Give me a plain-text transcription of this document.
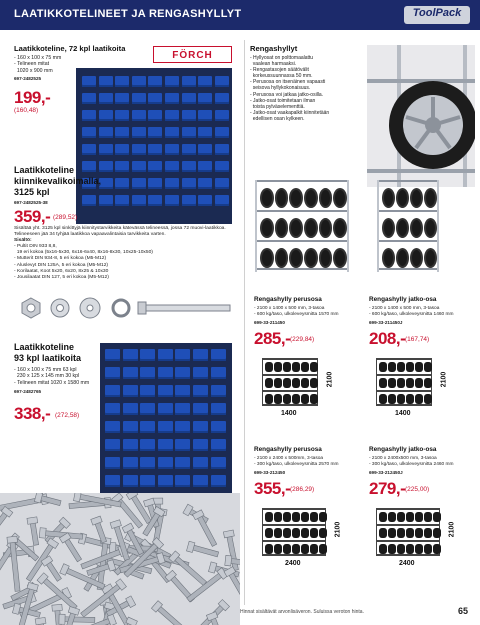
LAATIKKOTELINEET JA RENGASHYLLYT	ToolPack
Laatikkoteline, 72 kpl laatikoita
- 160 x 100 x 75 mm
- Telineen mitat
1020 x 900 mm
697-2482525
199,-
(160,48)
FÖRCH
Laatikkoteline
kiinnikevalikoimalla,
3125 kpl
697-2482525-38
359,- (289,52)
Sisältää yht. 3125 kpl sinkittyjä kiinnitystarvikkeita kätevässä telineessä, jossa 72 muovi-laatikkoa. Telineeseen jää 34 tyhjää laatikkoa vapaavalintaisia tarvikkeita varten.
Sisältö:
- Pultit DIN 933 8,8,
19 eri kokoa (5x16-5x30, 6x16-6x40, 8x16-8x30, 10x25-10x50)
- Mutterit DIN 934-8, 5 eri kokoa (M5-M12)
- Aluslevyt DIN 125A, 5 eri kokoa (M5-M12)
- Korilaatat, Koot 5x20, 6x20, 8x25 & 10x30
- Jousilaatat DIN 127, 5 eri kokoa (M5-M12)
Laatikkoteline
93 kpl laatikoita
- 160 x 100 x 75 mm 63 kpl
230 x 125 x 145 mm 30 kpl
- Telineen mitat 1020 x 1580 mm
697-2482765
338,- (272,58)
Rengashyllyt
- Hyllyosat on polttomaalattu
vaalean harmaaksi.
- Rengastasojen säätövälit
korkeussuunnassa 50 mm.
- Perusosa on itsenäinen vapaasti
seisova hyllykokonaisuus.
- Perusosa voi jatkaa jatko-osilla.
- Jatko-osat toimitetaan ilman
toista pylväselementtiä.
- Jatko-osat vaakapalkit kiinnitetään
edellisen osan kylkeen.
Rengashylly perusosa
- 2100 x 1400 x 500 mm, 3-tasoa
- 600 kg/taso, ulkoleveysmitta 1570 mm
699-33-211450
285,- (229,84)
2100
1400
Rengashylly jatko-osa
- 2100 x 1400 x 500 mm, 3-tasoa
- 600 kg/taso, ulkoleveysmitta 1460 mm
699-33-211450J
208,- (167,74)
2100
1400
Rengashylly perusosa
- 2100 x 2400 x 500mm, 3-tasoa
- 300 kg/taso, ulkoleveysmitta 2570 mm
699-33-212450
355,- (286,29)
2100
2400
Rengashylly jatko-osa
- 2100 x 2400x500 mm, 3-tasoa
- 300 kg/taso, ulkoleveysmitta 2460 mm
699-33-212450J
279,- (225,00)
2100
2400
Hinnat sisältävät arvonlisäveron. Suluissa veroton hinta.	65
